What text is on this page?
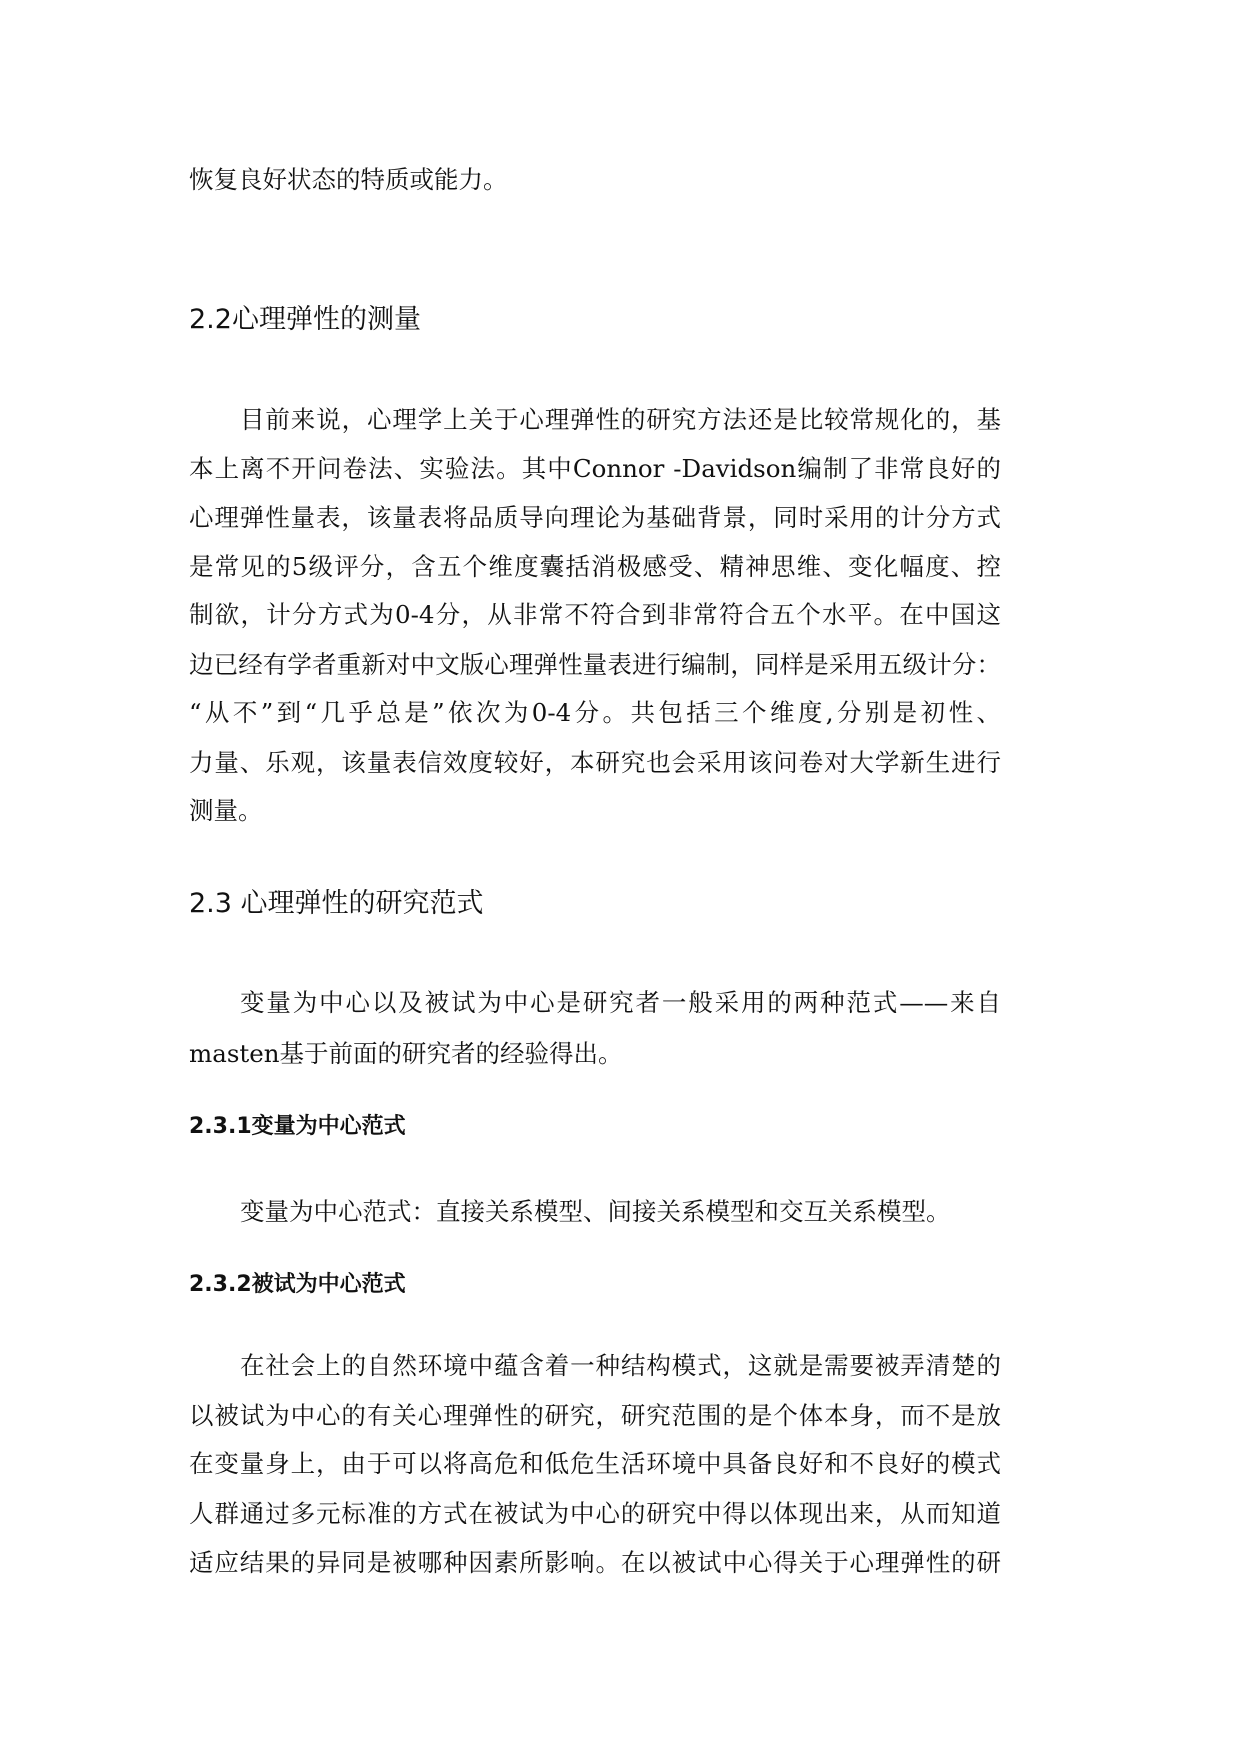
恢复良好状态的特质或能力。
2.2心理弹性的测量
目前来说，心理学上关于心理弹性的研究方法还是比较常规化的，基
本上离不开问卷法、实验法。其中Connor -Davidson编制了非常良好的
心理弹性量表，该量表将品质导向理论为基础背景，同时采用的计分方式
是常见的5级评分，含五个维度囊括消极感受、精神思维、变化幅度、控
制欲，计分方式为0-4分，从非常不符合到非常符合五个水平。在中国这
边已经有学者重新对中文版心理弹性量表进行编制，同样是采用五级计分：
“从不”到“几乎总是”依次为0-4分。共包括三个维度,分别是初性、
力量、乐观，该量表信效度较好，本研究也会采用该问卷对大学新生进行
测量。
2.3 心理弹性的研究范式
变量为中心以及被试为中心是研究者一般采用的两种范式——来自
masten基于前面的研究者的经验得出。
2.3.1变量为中心范式
变量为中心范式：直接关系模型、间接关系模型和交互关系模型。
2.3.2被试为中心范式
在社会上的自然环境中蕴含着一种结构模式，这就是需要被弄清楚的
以被试为中心的有关心理弹性的研究，研究范围的是个体本身，而不是放
在变量身上，由于可以将高危和低危生活环境中具备良好和不良好的模式
人群通过多元标准的方式在被试为中心的研究中得以体现出来，从而知道
适应结果的异同是被哪种因素所影响。在以被试中心得关于心理弹性的研
